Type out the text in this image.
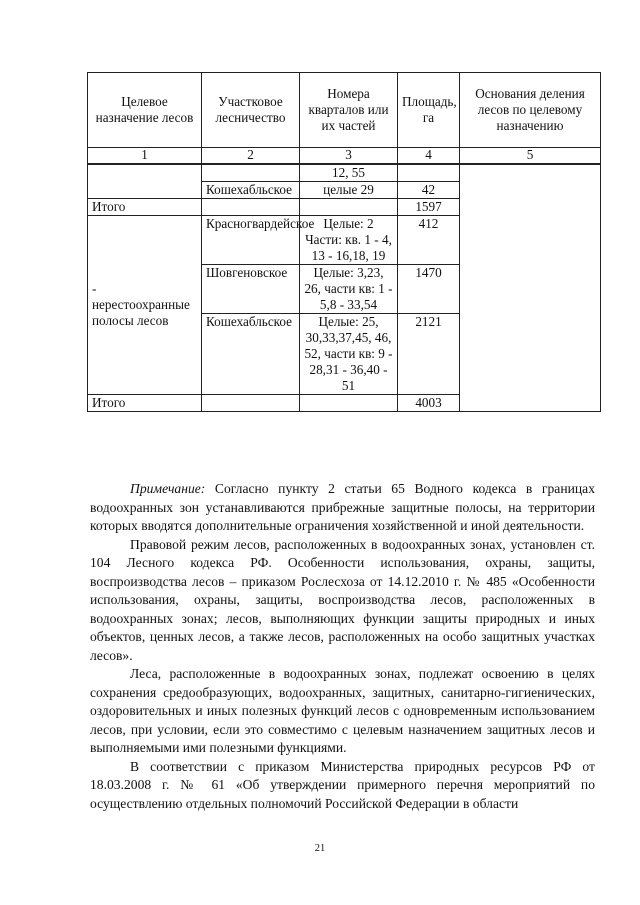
Целевое назначение лесов	Участковое лесничество	Номера кварталов или их частей	Площадь, га	Основания деления лесов по целевому назначению
1	2	3	4	5
		12, 55		
	Кошехабльское	целые 29	42	
Итого			1597	
- нерестоохранные полосы лесов	Красногвардейское	Целые: 2 Части: кв. 1 - 4, 13 - 16,18, 19	412	
	Шовгеновское	Целые: 3,23, 26, части кв: 1 - 5,8 - 33,54	1470	
	Кошехабльское	Целые: 25, 30,33,37,45, 46, 52, части кв: 9 - 28,31 - 36,40 - 51	2121	
Итого			4003	

Примечание: Согласно пункту 2 статьи 65 Водного кодекса в границах водоохранных зон устанавливаются прибрежные защитные полосы, на территории которых вводятся дополнительные ограничения хозяйственной и иной деятельности.

Правовой режим лесов, расположенных в водоохранных зонах, установлен ст. 104 Лесного кодекса РФ. Особенности использования, охраны, защиты, воспроизводства лесов – приказом Рослесхоза от 14.12.2010 г. № 485 «Особенности использования, охраны, защиты, воспроизводства лесов, расположенных в водоохранных зонах; лесов, выполняющих функции защиты природных и иных объектов, ценных лесов, а также лесов, расположенных на особо защитных участках лесов».

Леса, расположенные в водоохранных зонах, подлежат освоению в целях сохранения средообразующих, водоохранных, защитных, санитарно-гигиенических, оздоровительных и иных полезных функций лесов с одновременным использованием лесов, при условии, если это совместимо с целевым назначением защитных лесов и выполняемыми ими полезными функциями.

В соответствии с приказом Министерства природных ресурсов РФ от 18.03.2008 г. № 61 «Об утверждении примерного перечня мероприятий по осуществлению отдельных полномочий Российской Федерации в области

21
